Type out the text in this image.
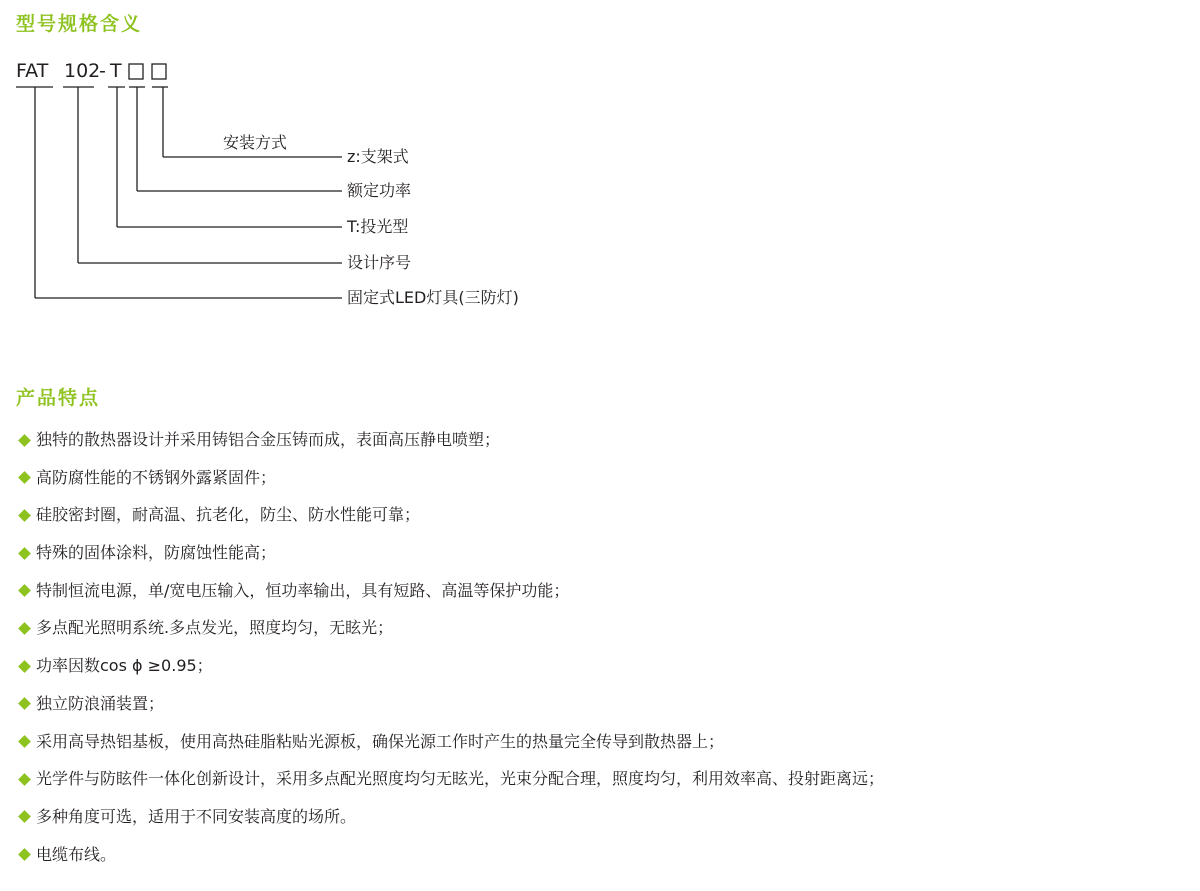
型号规格含义
FAT 102
- T
安装方式
z:支架式
额定功率
T:投光型
设计序号
固定式LED灯具(三防灯)
产品特点
独特的散热器设计并采用铸铝合金压铸而成，表面高压静电喷塑；
高防腐性能的不锈钢外露紧固件；
硅胶密封圈，耐高温、抗老化，防尘、防水性能可靠；
特殊的固体涂料，防腐蚀性能高；
特制恒流电源，单/宽电压输入，恒功率输出，具有短路、高温等保护功能；
多点配光照明系统.多点发光，照度均匀，无眩光；
功率因数cos ϕ ≥0.95；
独立防浪涌装置；
采用高导热铝基板，使用高热硅脂粘贴光源板，确保光源工作时产生的热量完全传导到散热器上；
光学件与防眩件一体化创新设计，采用多点配光照度均匀无眩光，光束分配合理，照度均匀，利用效率高、投射距离远；
多种角度可选，适用于不同安装高度的场所。
电缆布线。
